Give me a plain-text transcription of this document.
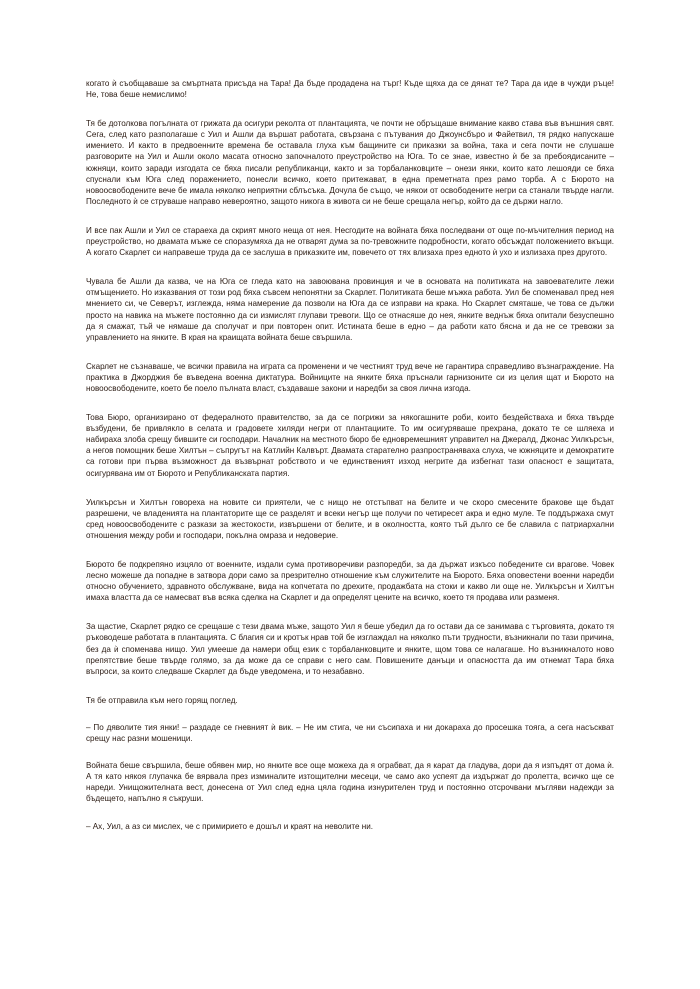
когато ѝ съобщаваше за смъртната присъда на Тара! Да бъде продадена на търг! Къде щяха да се дянат те? Тара да иде в чужди ръце! Не, това беше немислимо!

Тя бе дотолкова погълната от грижата да осигури реколта от плантацията, че почти не обръщаше внимание какво става във външния свят. Сега, след като разполагаше с Уил и Ашли да вършат работата, свързана с пътувания до Джоунсбъро и Файетвил, тя рядко напускаше имението. И както в предвоенните времена бе оставала глуха към бащините си приказки за война, така и сега почти не слушаше разговорите на Уил и Ашли около масата относно започналото преустройство на Юга. То се знае, известно ѝ бе за пребоядисаните – южняци, които заради изгодата се бяха писали републиканци, както и за торбаланковците – онези янки, които като лешояди се бяха спуснали към Юга след поражението, понесли всичко, което притежават, в една преметната през рамо торба. А с Бюрото на новоосвободените вече бе имала няколко неприятни сблъсъка. Дочула бе също, че някои от освободените негри са станали твърде нагли. Последното ѝ се струваше направо невероятно, защото никога в живота си не беше срещала негър, който да се държи нагло.

И все пак Ашли и Уил се стараеха да скрият много неща от нея. Несгодите на войната бяха последвани от още по-мъчителния период на преустройство, но двамата мъже се споразумяха да не отварят дума за по-тревожните подробности, когато обсъждат положението вкъщи. А когато Скарлет си направеше труда да се заслуша в приказките им, повечето от тях влизаха през едното ѝ ухо и излизаха през другото.

Чувала бе Ашли да казва, че на Юга се гледа като на завоювана провинция и че в основата на политиката на завоевателите лежи отмъщението. Но изказвания от този род бяха съвсем непонятни за Скарлет. Политиката беше мъжка работа. Уил бе споменавал пред нея мнението си, че Северът, изглежда, няма намерение да позволи на Юга да се изправи на крака. Но Скарлет смяташе, че това се дължи просто на навика на мъжете постоянно да си измислят глупави тревоги. Що се отнасяше до нея, янките веднъж бяха опитали безуспешно да я смажат, тъй че нямаше да сполучат и при повторен опит. Истината беше в едно – да работи като бясна и да не се тревожи за управлението на янките. В края на краищата войната беше свършила.

Скарлет не съзнаваше, че всички правила на играта са променени и че честният труд вече не гарантира справедливо възнаграждение. На практика в Джорджия бе въведена военна диктатура. Войниците на янките бяха пръснали гарнизоните си из целия щат и Бюрото на новоосвободените, което бе поело пълната власт, създаваше закони и наредби за своя лична изгода.

Това Бюро, организирано от федералното правителство, за да се погрижи за някогашните роби, които бездействаха и бяха твърде възбудени, бе привлякло в селата и градовете хиляди негри от плантациите. То им осигуряваше прехрана, докато те се шляеха и набираха злоба срещу бившите си господари. Началник на местното бюро бе едновремешният управител на Джералд, Джонас Уилкърсън, а негов помощник беше Хилтън – съпругът на Катлийн Калвърт. Двамата старателно разпространяваха слуха, че южняците и демократите са готови при първа възможност да възвърнат робството и че единственият изход негрите да избегнат тази опасност е защитата, осигурявана им от Бюрото и Републиканската партия.

Уилкърсън и Хилтън говореха на новите си приятели, че с нищо не отстъпват на белите и че скоро смесените бракове ще бъдат разрешени, че владенията на плантаторите ще се разделят и всеки негър ще получи по четиресет акра и едно муле. Те поддържаха смут сред новоосвободените с разкази за жестокости, извършени от белите, и в околността, която тъй дълго се бе славила с патриархални отношения между роби и господари, покълна омраза и недоверие.

Бюрото бе подкрепяно изцяло от военните, издали сума противоречиви разпоредби, за да държат изкъсо победените си врагове. Човек лесно можеше да попадне в затвора дори само за презрително отношение към служителите на Бюрото. Бяха оповестени военни наредби относно обучението, здравното обслужване, вида на копчетата по дрехите, продажбата на стоки и какво ли още не. Уилкърсън и Хилтън имаха властта да се намесват във всяка сделка на Скарлет и да определят цените на всичко, което тя продава или разменя.

За щастие, Скарлет рядко се срещаше с тези двама мъже, защото Уил я беше убедил да го остави да се занимава с търговията, докато тя ръководеше работата в плантацията. С благия си и кротък нрав той бе изглаждал на няколко пъти трудности, възникнали по тази причина, без да ѝ споменава нищо. Уил умееше да намери общ език с торбаланковците и янките, щом това се налагаше. Но възникналото ново препятствие беше твърде голямо, за да може да се справи с него сам. Повишените данъци и опасността да им отнемат Тара бяха въпроси, за които следваше Скарлет да бъде уведомена, и то незабавно.

Тя бе отправила към него горящ поглед.

– По дяволите тия янки! – раздаде се гневният ѝ вик. – Не им стига, че ни съсипаха и ни докараха до просешка тояга, а сега насъскват срещу нас разни мошеници.

Войната беше свършила, беше обявен мир, но янките все още можеха да я ограбват, да я карат да гладува, дори да я изпъдят от дома ѝ. А тя като някоя глупачка бе вярвала през изминалите изтощителни месеци, че само ако успеят да издържат до пролетта, всичко ще се нареди. Унищожителната вест, донесена от Уил след една цяла година изнурителен труд и постоянно отсрочвани мъгляви надежди за бъдещето, напълно я съкруши.

– Ах, Уил, а аз си мислех, че с примирието е дошъл и краят на неволите ни.
